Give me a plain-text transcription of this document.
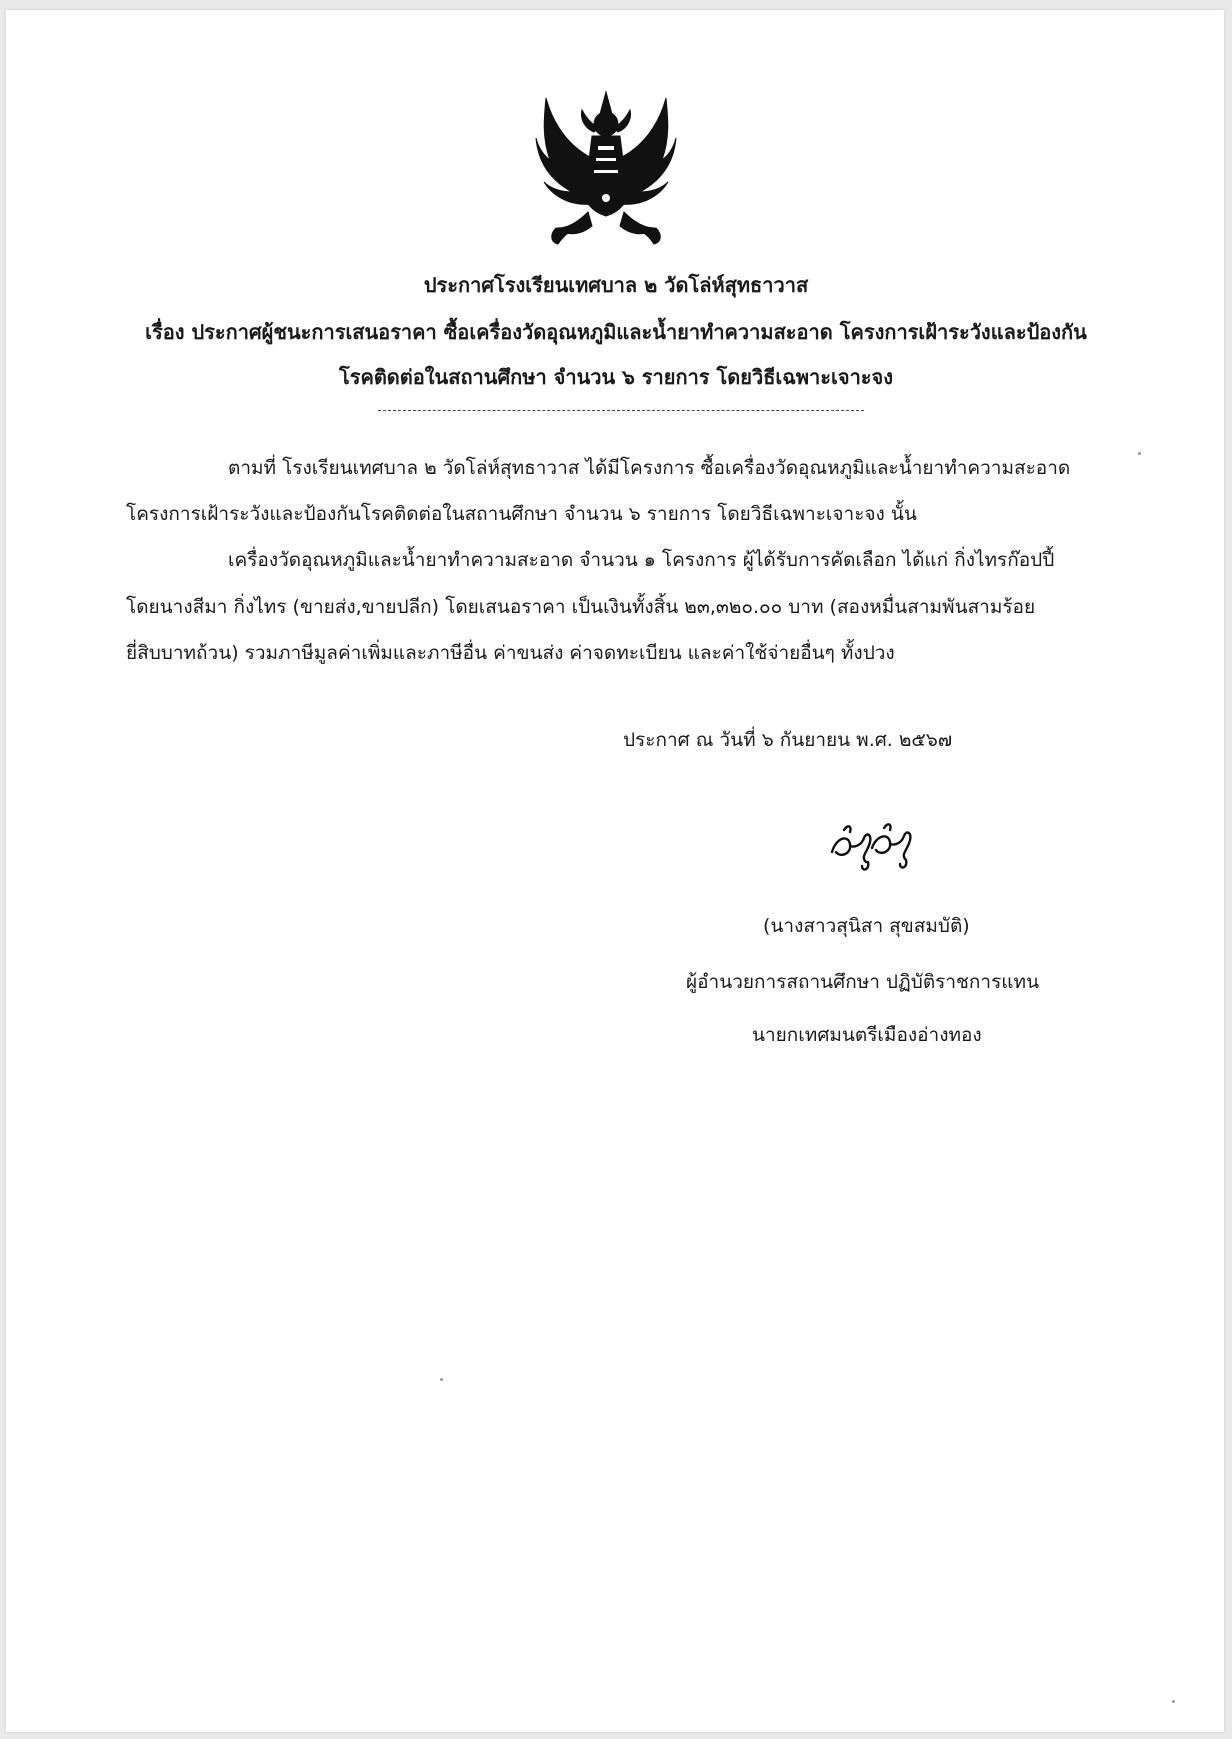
ประกาศโรงเรียนเทศบาล ๒ วัดโล่ห์สุทธาวาส
เรื่อง ประกาศผู้ชนะการเสนอราคา ซื้อเครื่องวัดอุณหภูมิและน้ำยาทำความสะอาด โครงการเฝ้าระวังและป้องกัน
โรคติดต่อในสถานศึกษา จำนวน ๖ รายการ โดยวิธีเฉพาะเจาะจง
ตามที่ โรงเรียนเทศบาล ๒ วัดโล่ห์สุทธาวาส ได้มีโครงการ ซื้อเครื่องวัดอุณหภูมิและน้ำยาทำความสะอาด
โครงการเฝ้าระวังและป้องกันโรคติดต่อในสถานศึกษา จำนวน ๖ รายการ โดยวิธีเฉพาะเจาะจง นั้น
เครื่องวัดอุณหภูมิและน้ำยาทำความสะอาด จำนวน ๑ โครงการ ผู้ได้รับการคัดเลือก ได้แก่ กิ่งไทรก๊อปปี้
โดยนางสีมา กิ่งไทร (ขายส่ง,ขายปลีก) โดยเสนอราคา เป็นเงินทั้งสิ้น ๒๓,๓๒๐.๐๐ บาท (สองหมื่นสามพันสามร้อย
ยี่สิบบาทถ้วน) รวมภาษีมูลค่าเพิ่มและภาษีอื่น ค่าขนส่ง ค่าจดทะเบียน และค่าใช้จ่ายอื่นๆ ทั้งปวง
ประกาศ ณ วันที่ ๖ กันยายน พ.ศ. ๒๕๖๗
(นางสาวสุนิสา สุขสมบัติ)
ผู้อำนวยการสถานศึกษา ปฏิบัติราชการแทน
นายกเทศมนตรีเมืองอ่างทอง
